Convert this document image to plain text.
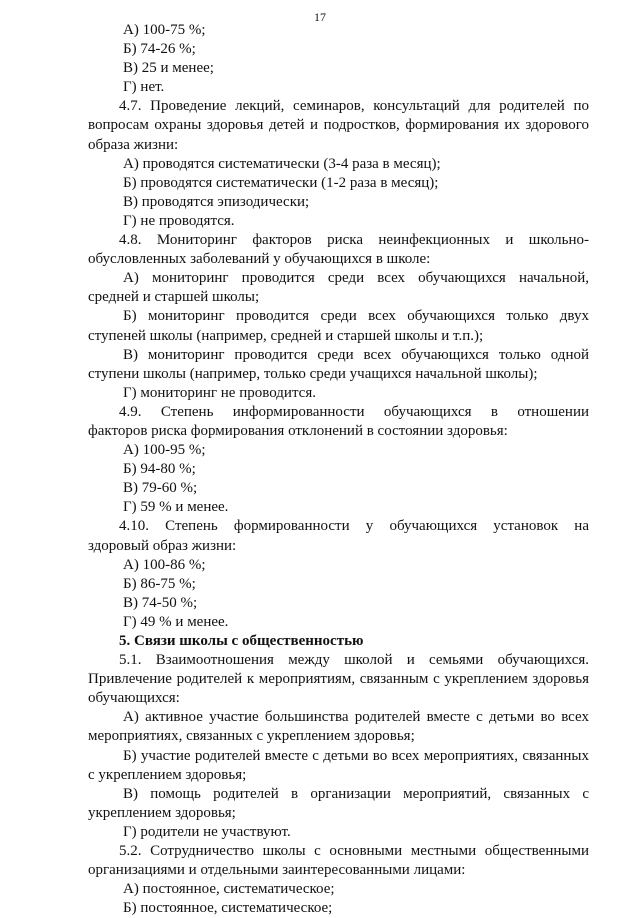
17
А) 100-75 %;
Б) 74-26 %;
В) 25 и менее;
Г) нет.
4.7. Проведение лекций, семинаров, консультаций для родителей по
вопросам охраны здоровья детей и подростков, формирования их здорового
образа жизни:
А) проводятся систематически (3-4 раза в месяц);
Б) проводятся систематически (1-2 раза в месяц);
В) проводятся эпизодически;
Г) не проводятся.
4.8. Мониторинг факторов риска неинфекционных и школьно-
обусловленных заболеваний у обучающихся в школе:
А) мониторинг проводится среди всех обучающихся начальной,
средней и старшей школы;
Б) мониторинг проводится среди всех обучающихся только двух
ступеней школы (например, средней и старшей школы и т.п.);
В) мониторинг проводится среди всех обучающихся только одной
ступени школы (например, только среди учащихся начальной школы);
Г) мониторинг не проводится.
4.9. Степень информированности обучающихся в отношении
факторов риска формирования отклонений в состоянии здоровья:
А) 100-95 %;
Б) 94-80 %;
В) 79-60 %;
Г) 59 % и менее.
4.10. Степень формированности у обучающихся установок на
здоровый образ жизни:
А) 100-86 %;
Б) 86-75 %;
В) 74-50 %;
Г) 49 % и менее.
5. Связи школы с общественностью
5.1. Взаимоотношения между школой и семьями обучающихся.
Привлечение родителей к мероприятиям, связанным с укреплением здоровья
обучающихся:
А) активное участие большинства родителей вместе с детьми во всех
мероприятиях, связанных с укреплением здоровья;
Б) участие родителей вместе с детьми во всех мероприятиях, связанных
с укреплением здоровья;
В) помощь родителей в организации мероприятий, связанных с
укреплением здоровья;
Г) родители не участвуют.
5.2. Сотрудничество школы с основными местными общественными
организациями и отдельными заинтересованными лицами:
А) постоянное, систематическое;
Б) постоянное, систематическое;
